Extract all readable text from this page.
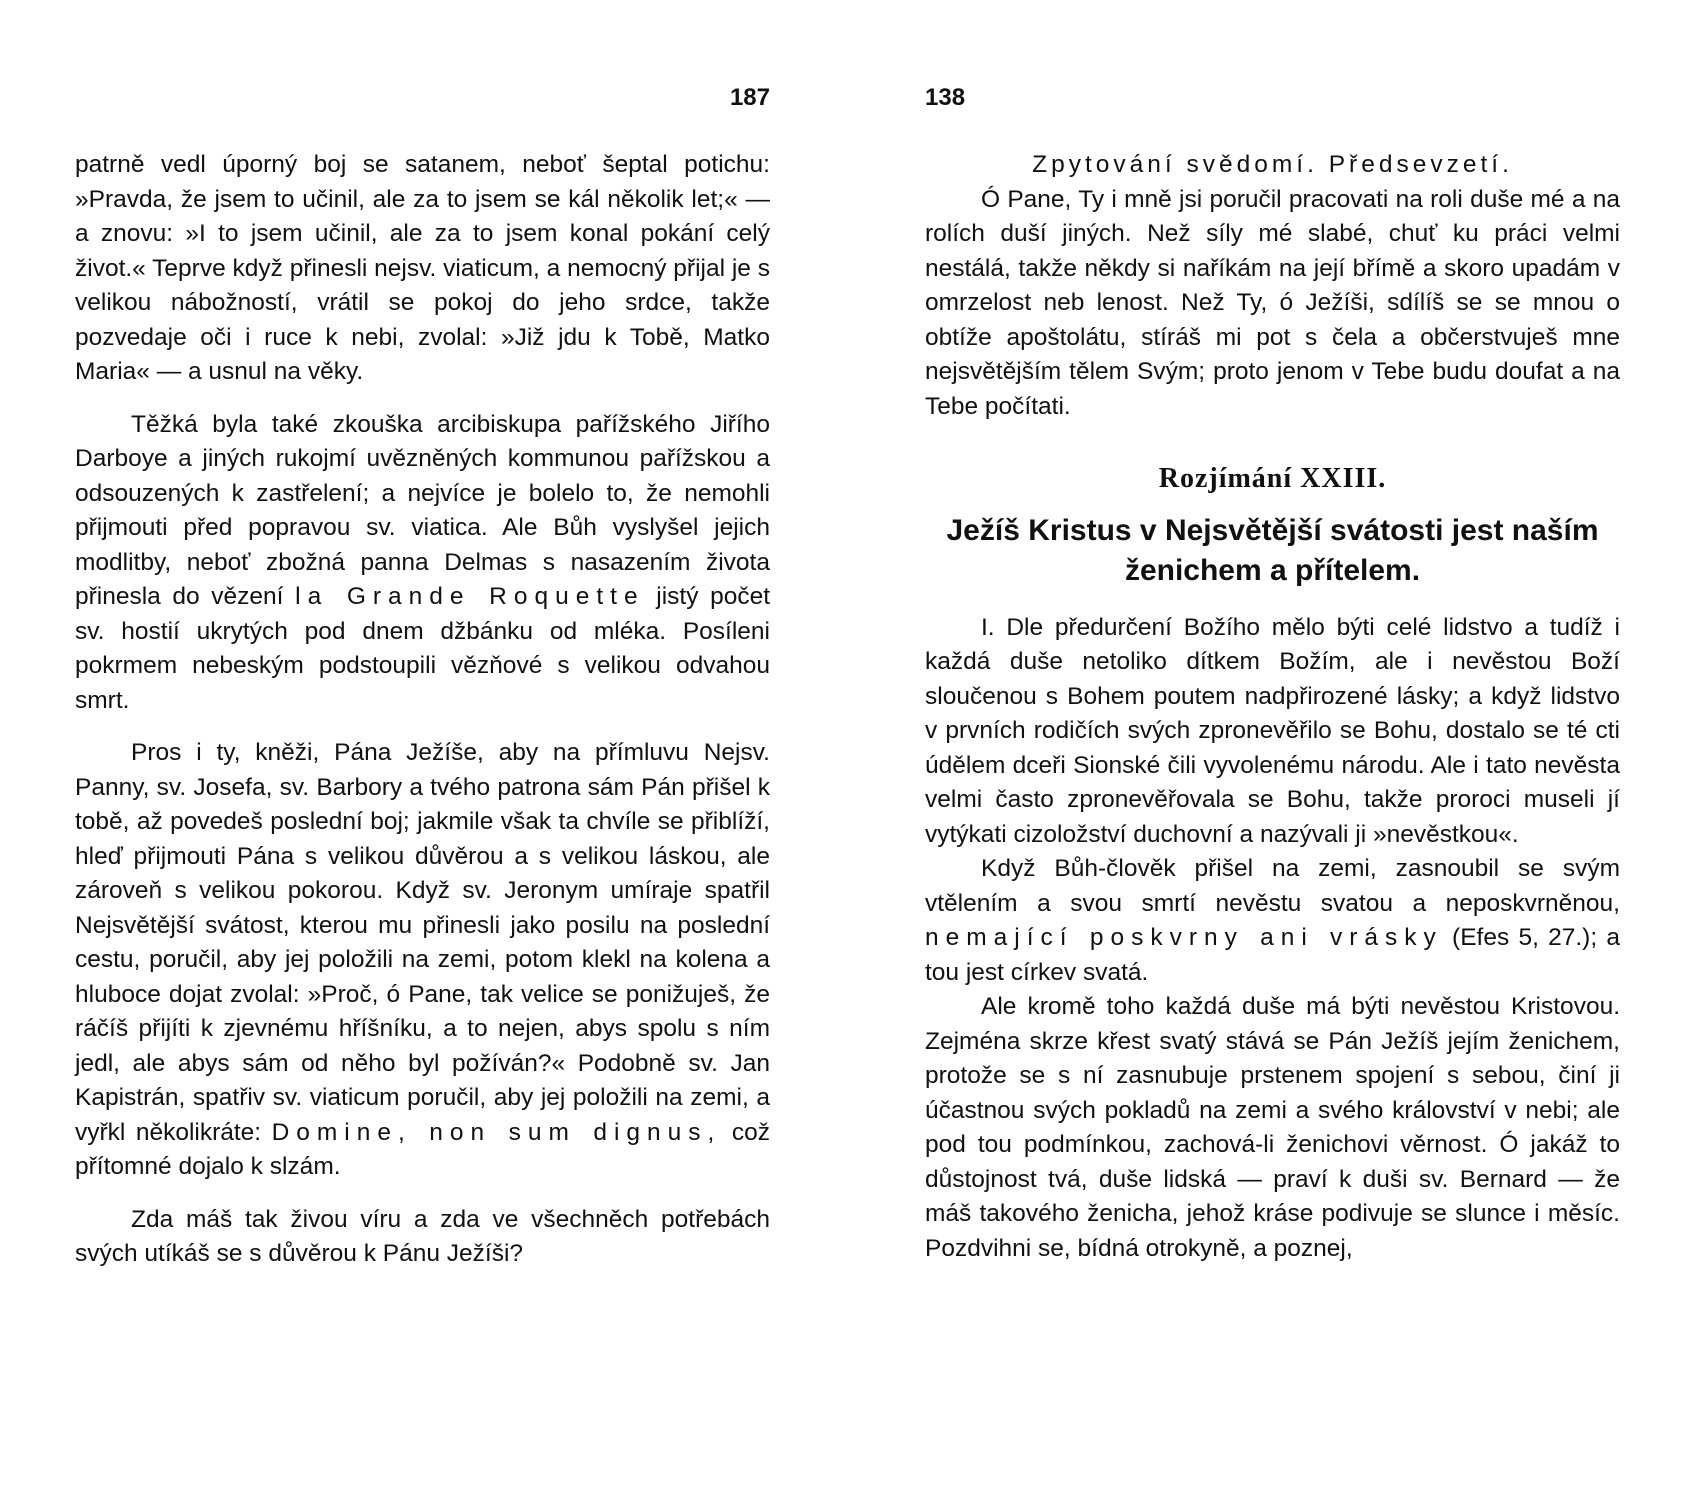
187

patrně vedl úporný boj se satanem, neboť šeptal potichu: »Pravda, že jsem to učinil, ale za to jsem se kál několik let;« — a znovu: »I to jsem učinil, ale za to jsem konal pokání celý život.« Teprve když přinesli nejsv. viaticum, a nemocný přijal je s velikou nábožností, vrátil se pokoj do jeho srdce, takže pozvedaje oči i ruce k nebi, zvolal: »Již jdu k Tobě, Matko Maria« — a usnul na věky.

Těžká byla také zkouška arcibiskupa pařížského Jiřího Darboye a jiných rukojmí uvězněných kommunou pařížskou a odsouzených k zastřelení; a nejvíce je bolelo to, že nemohli přijmouti před popravou sv. viatica. Ale Bůh vyslyšel jejich modlitby, neboť zbožná panna Delmas s nasazením života přinesla do vězení la Grande Roquette jistý počet sv. hostií ukrytých pod dnem džbánku od mléka. Posíleni pokrmem nebeským podstoupili vězňové s velikou odvahou smrt.

Pros i ty, kněži, Pána Ježíše, aby na přímluvu Nejsv. Panny, sv. Josefa, sv. Barbory a tvého patrona sám Pán přišel k tobě, až povedeš poslední boj; jakmile však ta chvíle se přiblíží, hleď přijmouti Pána s velikou důvěrou a s velikou láskou, ale zároveň s velikou pokorou. Když sv. Jeronym umíraje spatřil Nejsvětější svátost, kterou mu přinesli jako posilu na poslední cestu, poručil, aby jej položili na zemi, potom klekl na kolena a hluboce dojat zvolal: »Proč, ó Pane, tak velice se ponižuješ, že ráčíš přijíti k zjevnému hříšníku, a to nejen, abys spolu s ním jedl, ale abys sám od něho byl požíván?« Podobně sv. Jan Kapistrán, spatřiv sv. viaticum poručil, aby jej položili na zemi, a vyřkl několikráte: Domine, non sum dignus, což přítomné dojalo k slzám.

Zda máš tak živou víru a zda ve všechněch potřebách svých utíkáš se s důvěrou k Pánu Ježíši?

138

Zpytování svědomí. Předsevzetí.

Ó Pane, Ty i mně jsi poručil pracovati na roli duše mé a na rolích duší jiných. Než síly mé slabé, chuť ku práci velmi nestálá, takže někdy si naříkám na její břímě a skoro upadám v omrzelost neb lenost. Než Ty, ó Ježíši, sdílíš se se mnou o obtíže apoštolátu, stíráš mi pot s čela a občerstvuješ mne nejsvětějším tělem Svým; proto jenom v Tebe budu doufat a na Tebe počítati.

Rozjímání XXIII.
Ježíš Kristus v Nejsvětější svátosti jest naším ženichem a přítelem.

I. Dle předurčení Božího mělo býti celé lidstvo a tudíž i každá duše netoliko dítkem Božím, ale i nevěstou Boží sloučenou s Bohem poutem nadpřirozené lásky; a když lidstvo v prvních rodičích svých zpronevěřilo se Bohu, dostalo se té cti údělem dceři Sionské čili vyvolenému národu. Ale i tato nevěsta velmi často zpronevěřovala se Bohu, takže proroci museli jí vytýkati cizoložství duchovní a nazývali ji »nevěstkou«.

Když Bůh-člověk přišel na zemi, zasnoubil se svým vtělením a svou smrtí nevěstu svatou a neposkvrněnou, nemající poskvrny ani vrásky (Efes 5, 27.); a tou jest církev svatá.

Ale kromě toho každá duše má býti nevěstou Kristovou. Zejména skrze křest svatý stává se Pán Ježíš jejím ženichem, protože se s ní zasnubuje prstenem spojení s sebou, činí ji účastnou svých pokladů na zemi a svého království v nebi; ale pod tou podmínkou, zachová-li ženichovi věrnost. Ó jakáž to důstojnost tvá, duše lidská — praví k duši sv. Bernard — že máš takového ženicha, jehož kráse podivuje se slunce i měsíc. Pozdvihni se, bídná otrokyně, a poznej,
